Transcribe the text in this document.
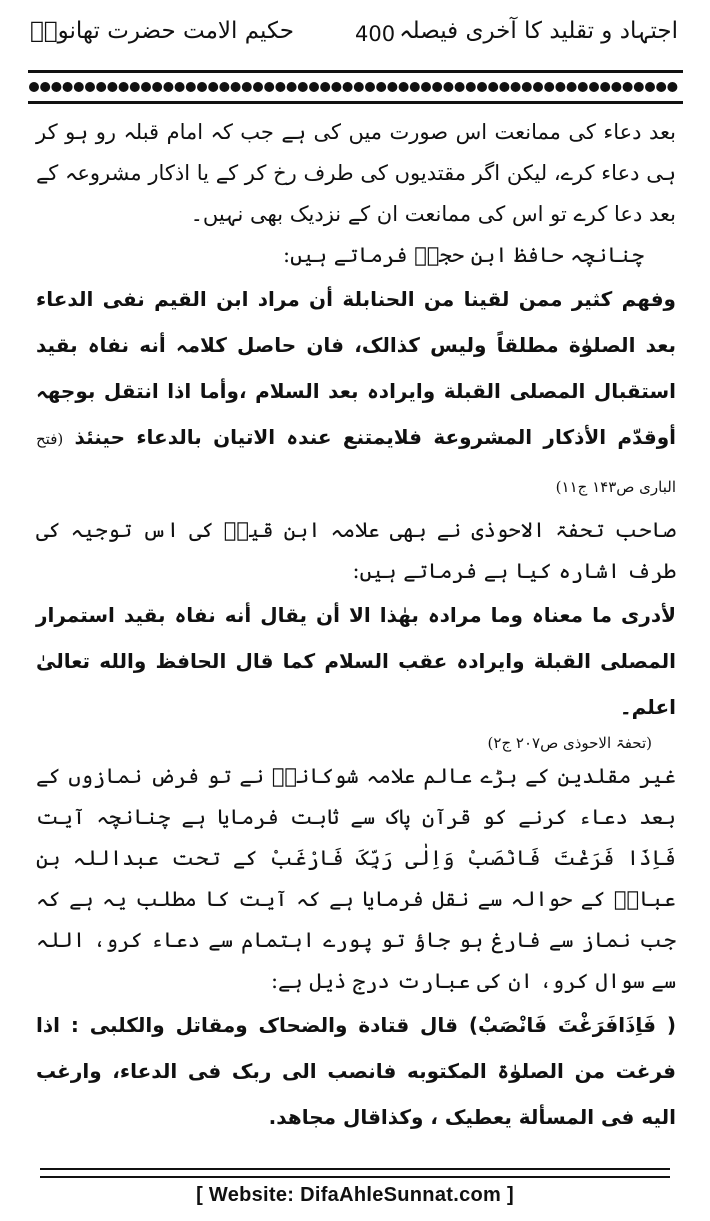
اجتہاد و تقلید کا آخری فیصلہ
400
حکیم الامت حضرت تھانویؒ

بعد دعاء کی ممانعت اس صورت میں کی ہے جب کہ امام قبلہ رو ہو کر ہی دعاء کرے، لیکن اگر مقتدیوں کی طرف رخ کر کے یا اذکار مشروعہ کے بعد دعا کرے تو اس کی ممانعت ان کے نزدیک بھی نہیں۔

چنانچہ حافظ ابن حجرؒ فرماتے ہیں:

وفھم کثیر ممن لقینا من الحنابلة أن مراد ابن القیم نفی الدعاء بعد الصلوٰة مطلقاً ولیس کذالک، فان حاصل کلامہ أنه نفاہ بقید استقبال المصلی القبلة وایرادہ بعد السلام ،وأما اذا انتقل بوجھہ أوقدّم الأذکار المشروعة فلایمتنع عندہ الاتیان بالدعاء حینئذ (فتح الباری ص۱۴۳ ج۱۱)

صاحب تحفۃ الاحوذی نے بھی علامہ ابن قیمؒ کی اس توجیہ کی طرف اشارہ کیا ہے فرماتے ہیں:

لأدری ما معناہ وما مرادہ بھٰذا الا أن یقال أنه نفاہ بقید استمرار المصلی القبلة وایرادہ عقب السلام کما قال الحافظ والله تعالیٰ اعلم۔

(تحفۃ الاحوذی ص۲۰۷ ج۲)

غیر مقلدین کے بڑے عالم علامہ شوکانیؒ نے تو فرض نمازوں کے بعد دعاء کرنے کو قرآن پاک سے ثابت فرمایا ہے چنانچہ آیت فَاِذَا فَرَغْتَ فَانْصَبْ وَاِلٰی رَبِّکَ فَارْغَبْ کے تحت عبداللہ بن عباسؓ کے حوالہ سے نقل فرمایا ہے کہ آیت کا مطلب یہ ہے کہ جب نماز سے فارغ ہو جاؤ تو پورے اہتمام سے دعاء کرو، اللہ سے سوال کرو، ان کی عبارت درج ذیل ہے:

( فَاِذَافَرَغْتَ فَانْصَبْ) قال قتادة والضحاک ومقاتل والکلبی : اذا فرغت من الصلوٰۃ المکتوبه فانصب الی ربک فی الدعاء، وارغب الیه فی المسألة یعطیک ، وکذاقال مجاھد.

[ Website: DifaAhleSunnat.com ]
